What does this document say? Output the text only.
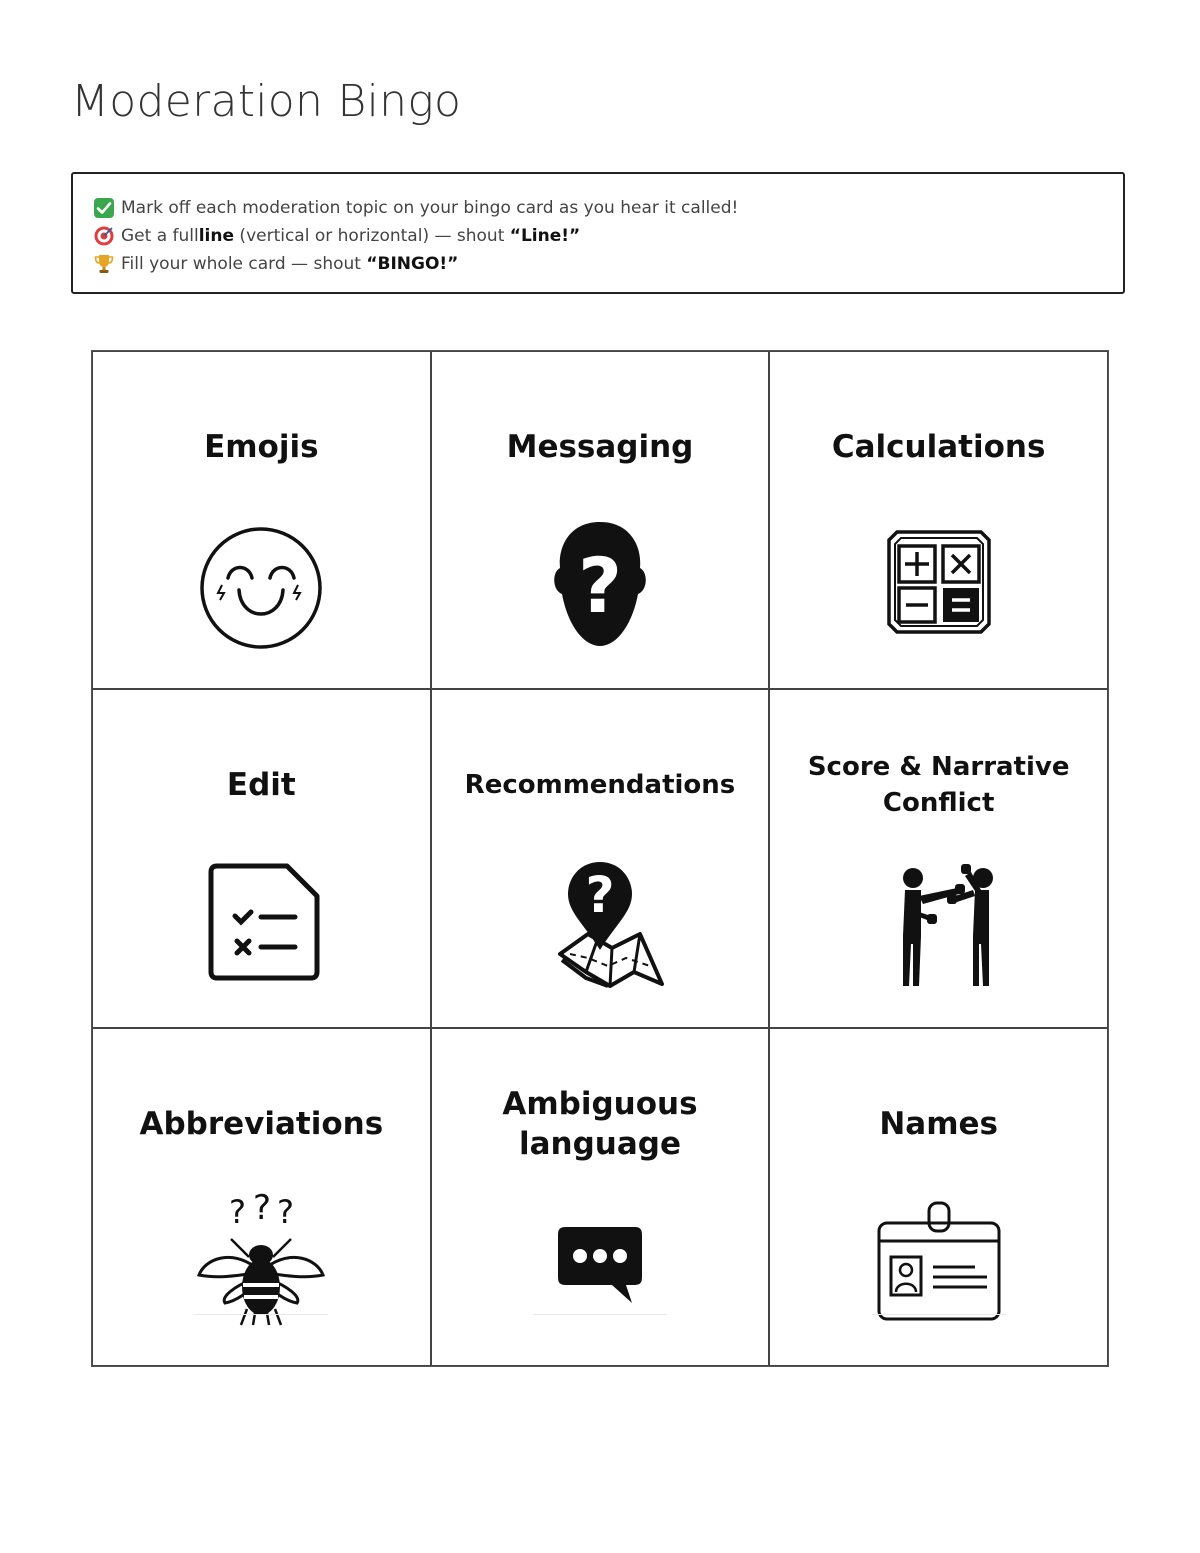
Moderation Bingo
Mark off each moderation topic on your bingo card as you hear it called!
Get a full line (vertical or horizontal) — shout “Line!”
Fill your whole card — shout “BINGO!”
Emojis	Messaging
?
Calculations
Edit	Recommendations
?
Score & Narrative Conflict
Abbreviations
? ? ?
Ambiguous language
Names
